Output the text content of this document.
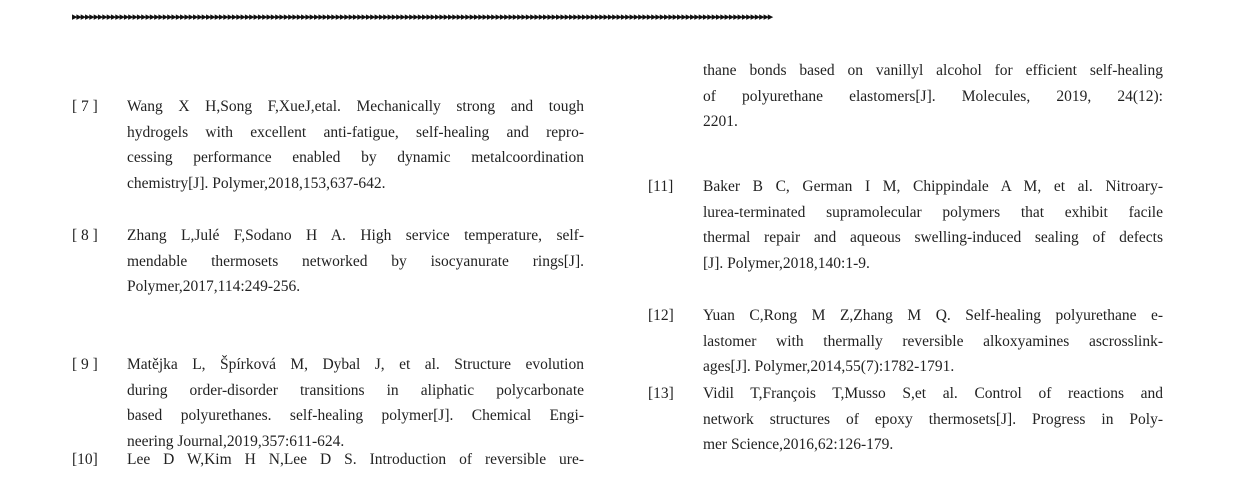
▸▸▸▸▸▸▸▸▸▸▸▸▸▸▸▸▸▸▸▸▸▸▸▸▸▸▸▸▸▸▸▸▸▸▸▸▸▸▸▸▸▸▸▸▸▸▸▸▸▸▸▸▸▸▸▸▸▸▸▸▸▸▸▸▸▸▸▸▸▸▸▸▸▸▸▸▸▸▸▸▸▸▸▸▸▸▸▸▸▸▸▸▸▸▸▸▸▸▸▸▸▸▸▸▸▸▸▸▸▸▸▸▸▸▸▸▸▸▸▸▸▸▸▸▸▸▸▸▸▸▸▸▸▸▸▸▸▸▸▸▸▸▸▸▸▸▸▸▸▸▸▸▸▸▸▸▸▸▸▸▸▸
[ 7 ]	Wang X H,Song F,XueJ,etal. Mechanically strong and tough
hydrogels with excellent anti-fatigue, self-healing and repro-
cessing performance enabled by dynamic metalcoordination
chemistry[J]. Polymer,2018,153,637-642.
[ 8 ]	Zhang L,Julé F,Sodano H A. High service temperature, self-
mendable thermosets networked by isocyanurate rings[J].
Polymer,2017,114:249-256.
[ 9 ]	Matějka L, Špírková M, Dybal J, et al. Structure evolution
during order-disorder transitions in aliphatic polycarbonate
based polyurethanes. self-healing polymer[J]. Chemical Engi-
neering Journal,2019,357:611-624.
[10]	Lee D W,Kim H N,Lee D S. Introduction of reversible ure-
thane bonds based on vanillyl alcohol for efficient self-healing
of polyurethane elastomers[J]. Molecules, 2019, 24(12):
2201.
[11]	Baker B C, German I M, Chippindale A M, et al. Nitroary-
lurea-terminated supramolecular polymers that exhibit facile
thermal repair and aqueous swelling-induced sealing of defects
[J]. Polymer,2018,140:1-9.
[12]	Yuan C,Rong M Z,Zhang M Q. Self-healing polyurethane e-
lastomer with thermally reversible alkoxyamines ascrosslink-
ages[J]. Polymer,2014,55(7):1782-1791.
[13]	Vidil T,François T,Musso S,et al. Control of reactions and
network structures of epoxy thermosets[J]. Progress in Poly-
mer Science,2016,62:126-179.
